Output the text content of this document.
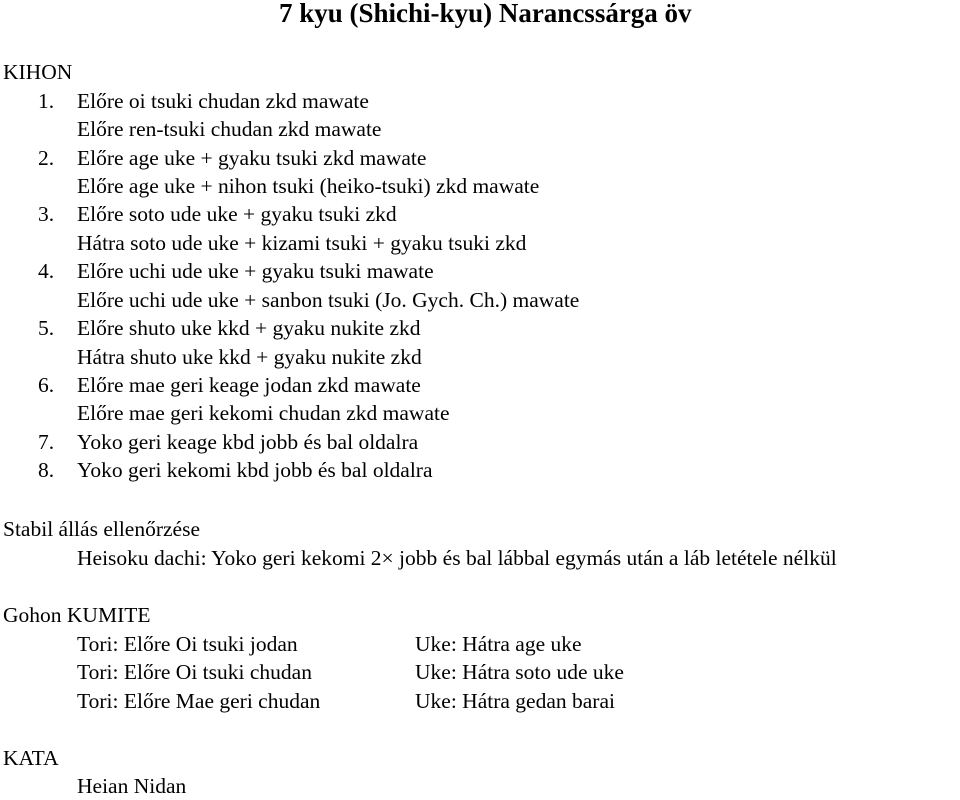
7 kyu (Shichi-kyu) Narancssárga öv
KIHON
1. Előre oi tsuki chudan zkd mawate
Előre ren-tsuki chudan zkd mawate
2. Előre age uke + gyaku tsuki zkd mawate
Előre age uke + nihon tsuki (heiko-tsuki) zkd mawate
3. Előre soto ude uke + gyaku tsuki zkd
Hátra soto ude uke + kizami tsuki + gyaku tsuki zkd
4. Előre uchi ude uke + gyaku tsuki mawate
Előre uchi ude uke + sanbon tsuki (Jo. Gych. Ch.) mawate
5. Előre shuto uke kkd + gyaku nukite zkd
Hátra shuto uke kkd + gyaku nukite zkd
6. Előre mae geri keage jodan zkd mawate
Előre mae geri kekomi chudan zkd mawate
7. Yoko geri keage kbd jobb és bal oldalra
8. Yoko geri kekomi kbd jobb és bal oldalra
Stabil állás ellenőrzése
Heisoku dachi: Yoko geri kekomi 2× jobb és bal lábbal egymás után a láb letétele nélkül
Gohon KUMITE
Tori: Előre Oi tsuki jodan	Uke: Hátra age uke
Tori: Előre Oi tsuki chudan	Uke: Hátra soto ude uke
Tori: Előre Mae geri chudan	Uke: Hátra gedan barai
KATA
Heian Nidan
